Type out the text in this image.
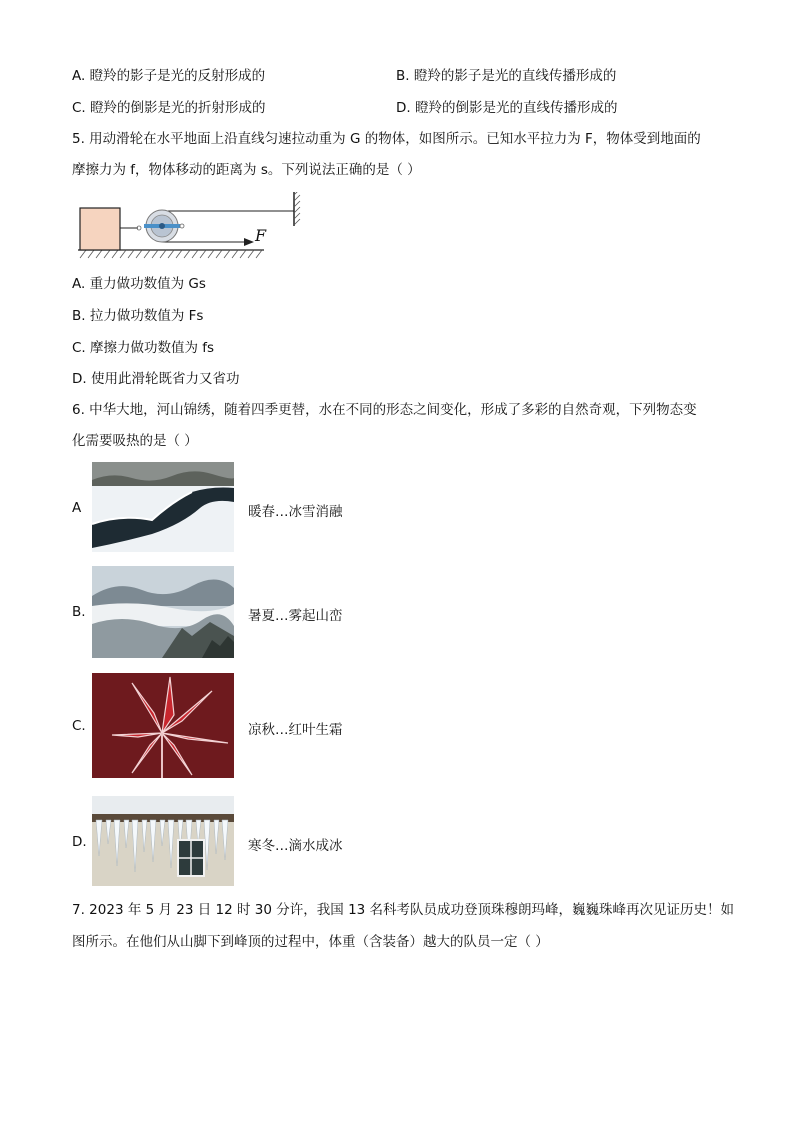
A. 瞪羚的影子是光的反射形成的	B. 瞪羚的影子是光的直线传播形成的
C. 瞪羚的倒影是光的折射形成的	D. 瞪羚的倒影是光的直线传播形成的
5. 用动滑轮在水平地面上沿直线匀速拉动重为 G 的物体，如图所示。已知水平拉力为 F，物体受到地面的
摩擦力为 f，物体移动的距离为 s。下列说法正确的是（ ）
F
A. 重力做功数值为 Gs
B. 拉力做功数值为 Fs
C. 摩擦力做功数值为 fs
D. 使用此滑轮既省力又省功
6. 中华大地，河山锦绣，随着四季更替，水在不同的形态之间变化，形成了多彩的自然奇观，下列物态变
化需要吸热的是（ ）
A	暖春…冰雪消融
B.	暑夏…雾起山峦
C.	凉秋…红叶生霜
D.	寒冬…滴水成冰
7. 2023 年 5 月 23 日 12 时 30 分许，我国 13 名科考队员成功登顶珠穆朗玛峰，巍巍珠峰再次见证历史！如
图所示。在他们从山脚下到峰顶的过程中，体重（含装备）越大的队员一定（ ）
